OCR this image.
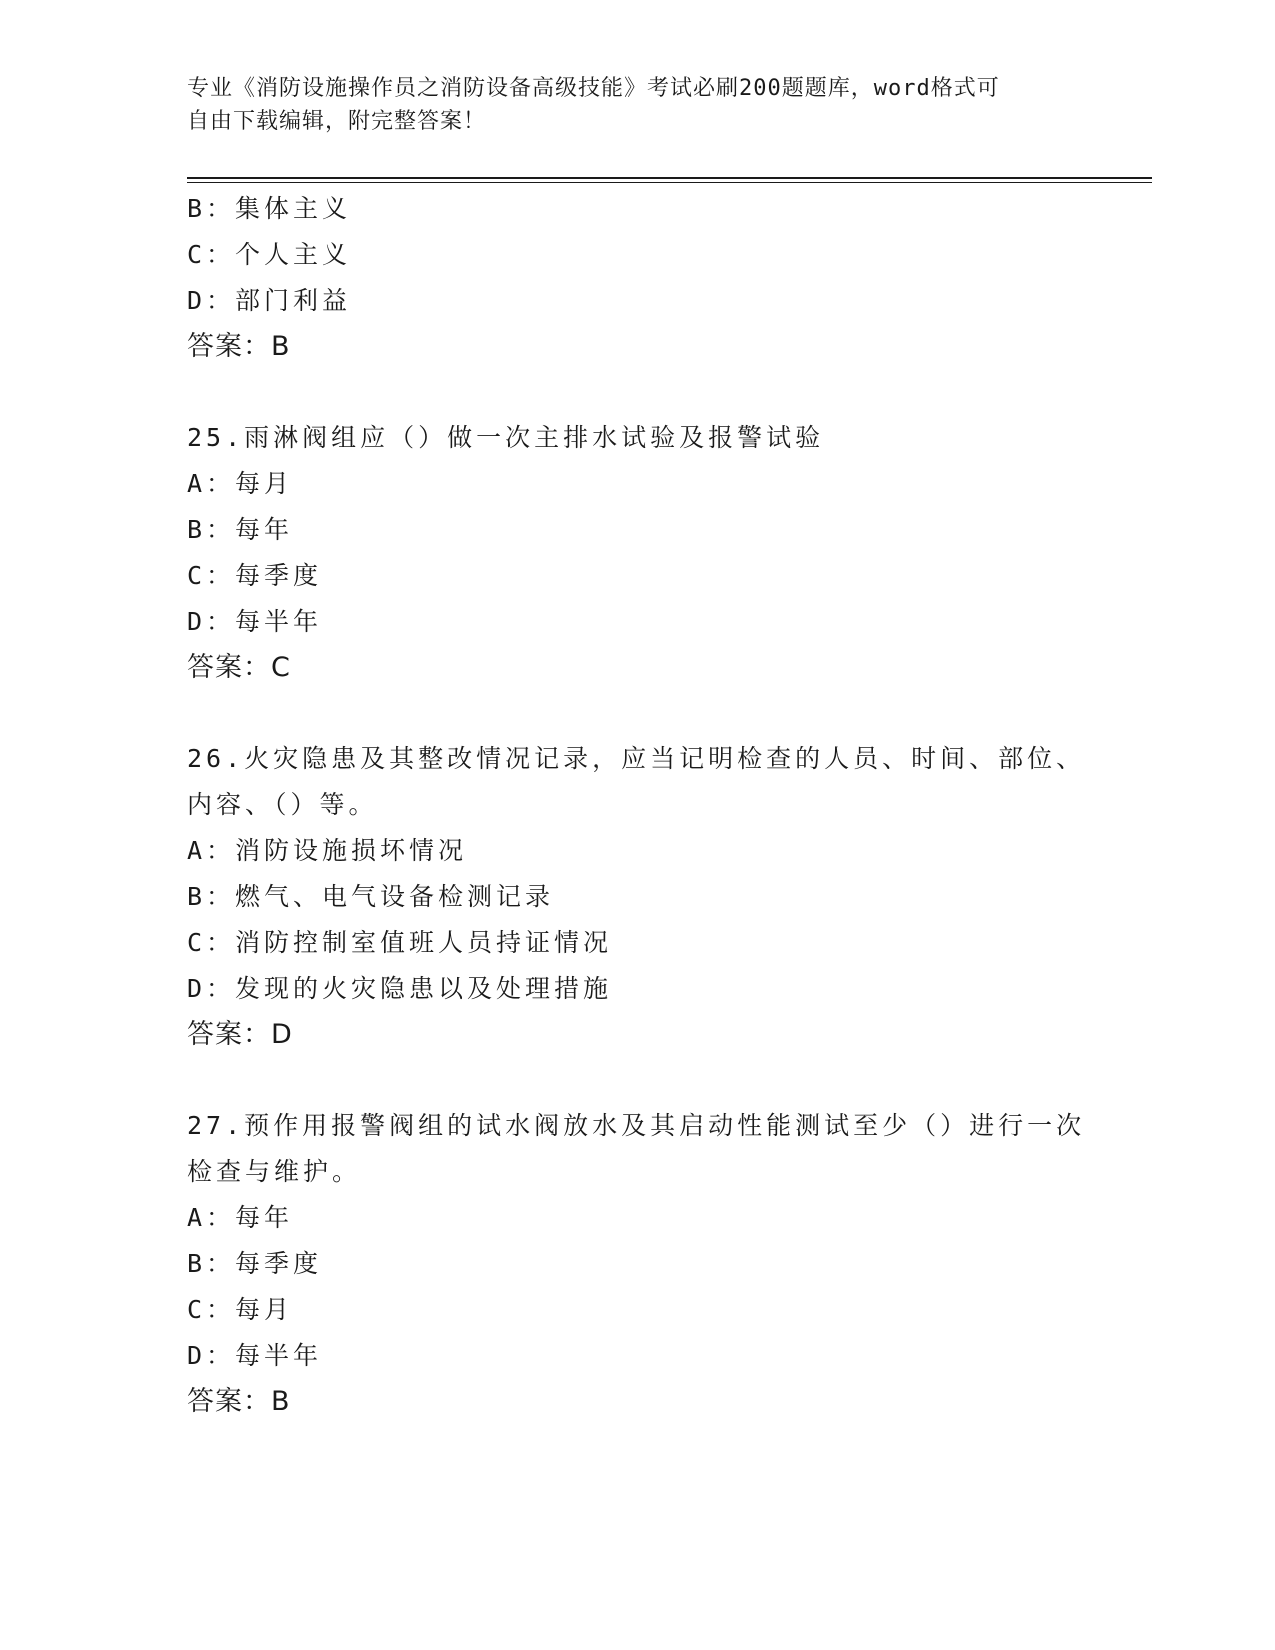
专业《消防设施操作员之消防设备高级技能》考试必刷200题题库，word格式可
自由下载编辑，附完整答案！
B：集体主义
C：个人主义
D：部门利益
答案：B
25.雨淋阀组应（）做一次主排水试验及报警试验
A：每月
B：每年
C：每季度
D：每半年
答案：C
26.火灾隐患及其整改情况记录，应当记明检查的人员、时间、部位、
内容、（）等。
A：消防设施损坏情况
B：燃气、电气设备检测记录
C：消防控制室值班人员持证情况
D：发现的火灾隐患以及处理措施
答案：D
27.预作用报警阀组的试水阀放水及其启动性能测试至少（）进行一次
检查与维护。
A：每年
B：每季度
C：每月
D：每半年
答案：B
